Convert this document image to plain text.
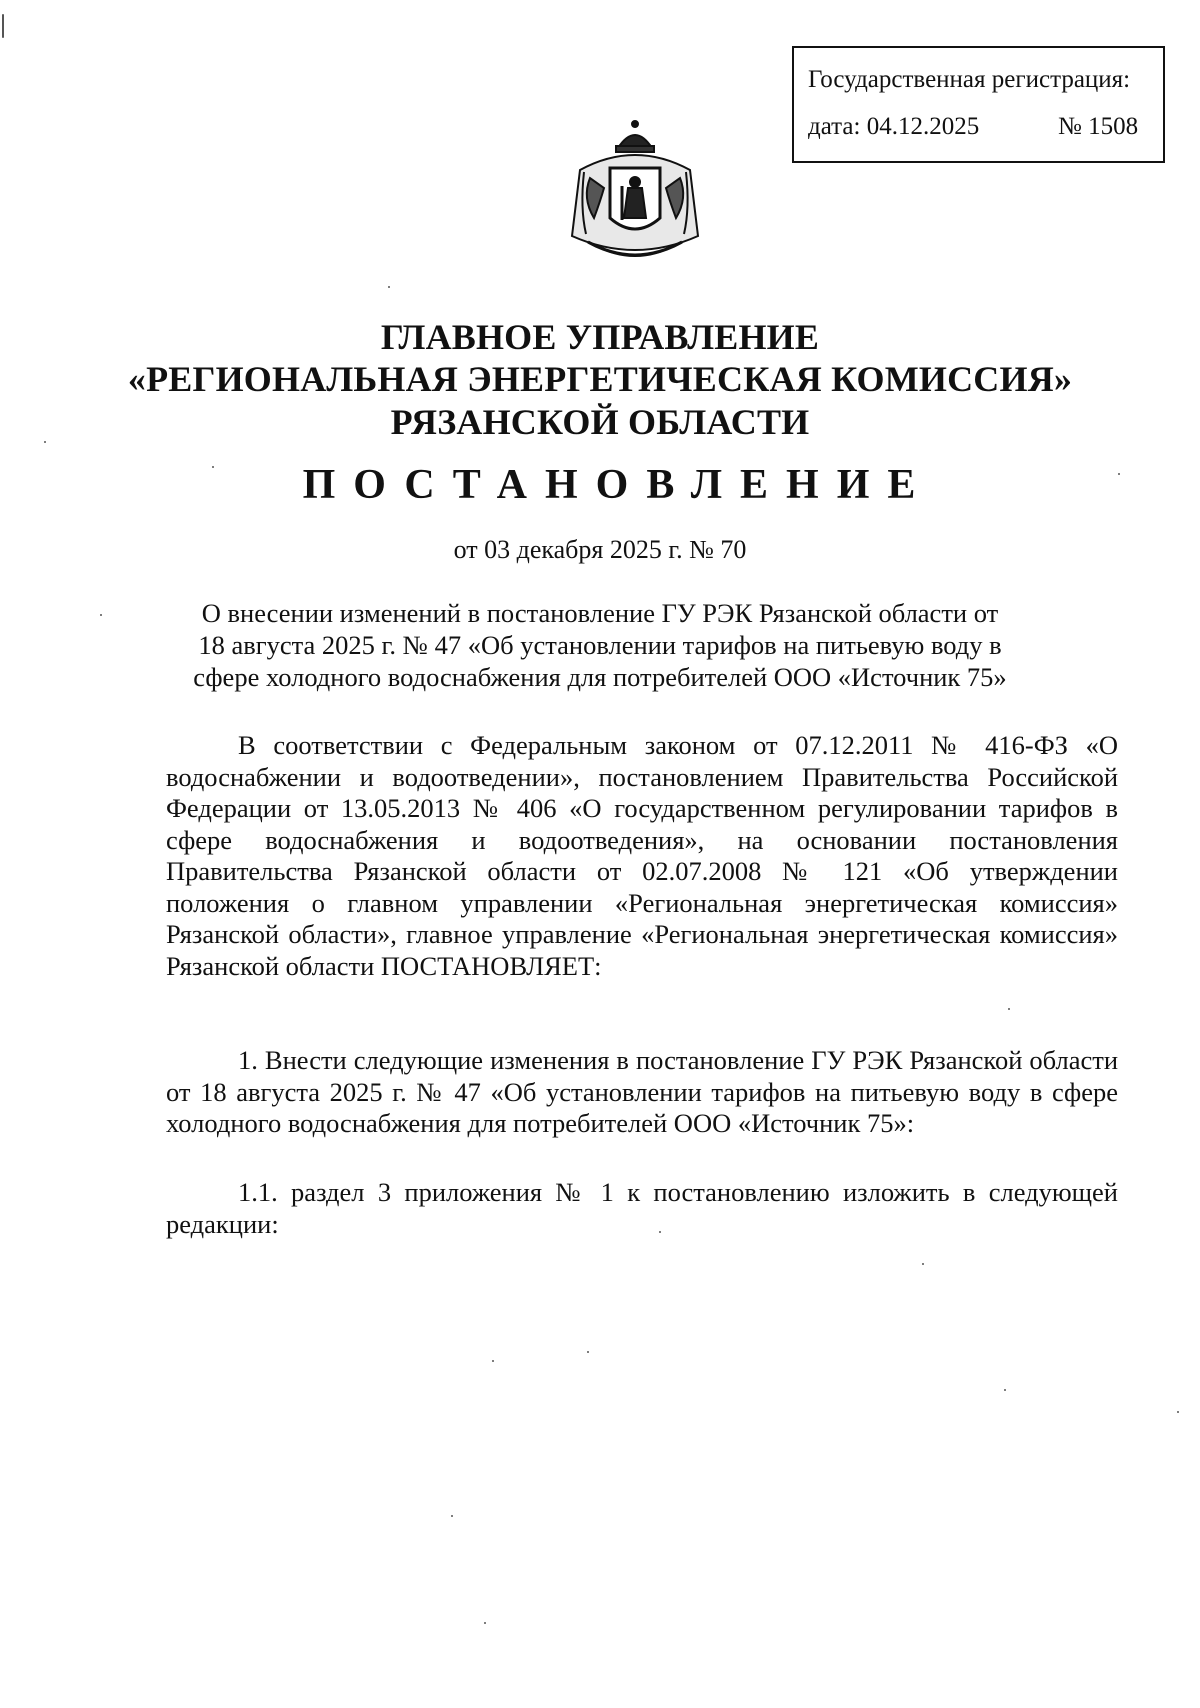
Государственная регистрация:
дата: 04.12.2025	№ 1508
ГЛАВНОЕ УПРАВЛЕНИЕ
«РЕГИОНАЛЬНАЯ ЭНЕРГЕТИЧЕСКАЯ КОМИССИЯ»
РЯЗАНСКОЙ ОБЛАСТИ
ПОСТАНОВЛЕНИЕ
от 03 декабря 2025 г. № 70
О внесении изменений в постановление ГУ РЭК Рязанской области от
18 августа 2025 г. № 47 «Об установлении тарифов на питьевую воду в
сфере холодного водоснабжения для потребителей ООО «Источник 75»
В соответствии с Федеральным законом от 07.12.2011 № 416-ФЗ «О водоснабжении и водоотведении», постановлением Правительства Российской Федерации от 13.05.2013 № 406 «О государственном регулировании тарифов в сфере водоснабжения и водоотведения», на основании постановления Правительства Рязанской области от 02.07.2008 № 121 «Об утверждении положения о главном управлении «Региональная энергетическая комиссия» Рязанской области», главное управление «Региональная энергетическая комиссия» Рязанской области ПОСТАНОВЛЯЕТ:
1. Внести следующие изменения в постановление ГУ РЭК Рязанской области от 18 августа 2025 г. № 47 «Об установлении тарифов на питьевую воду в сфере холодного водоснабжения для потребителей ООО «Источник 75»:
1.1. раздел 3 приложения № 1 к постановлению изложить в следующей редакции:
